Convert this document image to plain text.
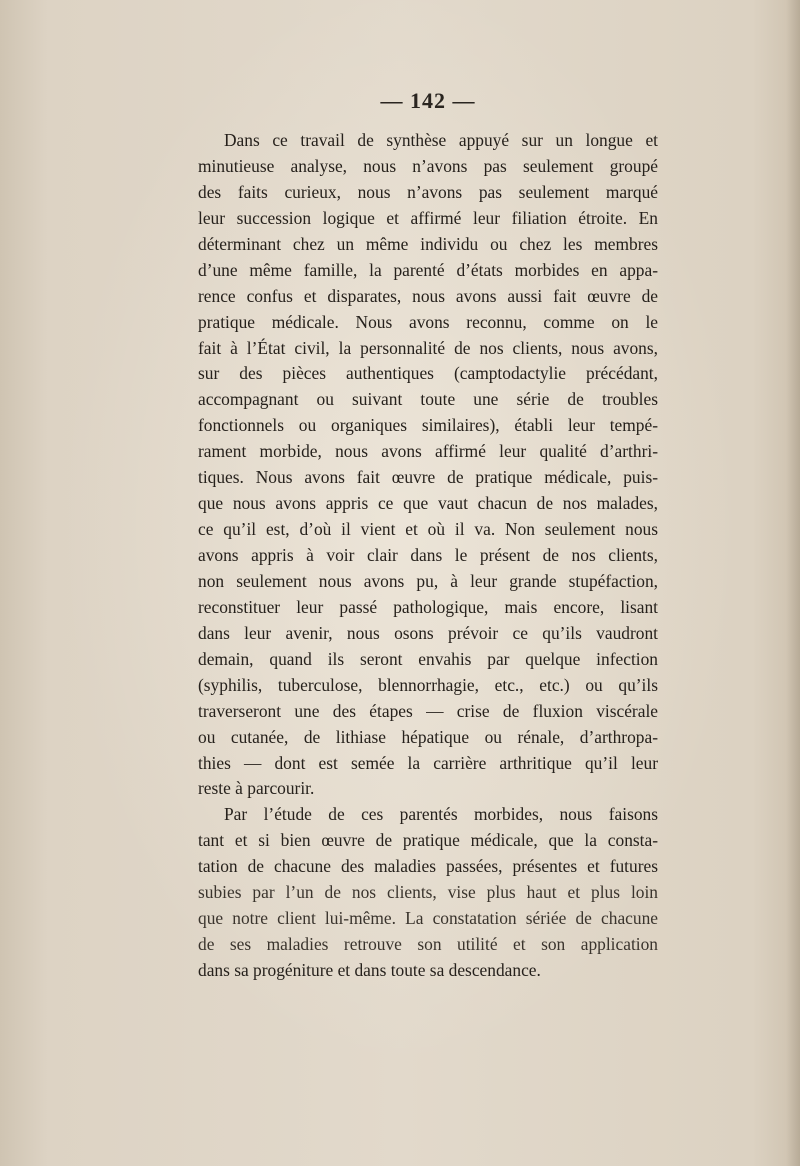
— 142 —
Dans ce travail de synthèse appuyé sur un longue et
minutieuse analyse, nous n’avons pas seulement groupé
des faits curieux, nous n’avons pas seulement marqué
leur succession logique et affirmé leur filiation étroite. En
déterminant chez un même individu ou chez les membres
d’une même famille, la parenté d’états morbides en appa-
rence confus et disparates, nous avons aussi fait œuvre de
pratique médicale. Nous avons reconnu, comme on le
fait à l’État civil, la personnalité de nos clients, nous avons,
sur des pièces authentiques (camptodactylie précédant,
accompagnant ou suivant toute une série de troubles
fonctionnels ou organiques similaires), établi leur tempé-
rament morbide, nous avons affirmé leur qualité d’arthri-
tiques. Nous avons fait œuvre de pratique médicale, puis-
que nous avons appris ce que vaut chacun de nos malades,
ce qu’il est, d’où il vient et où il va. Non seulement nous
avons appris à voir clair dans le présent de nos clients,
non seulement nous avons pu, à leur grande stupéfaction,
reconstituer leur passé pathologique, mais encore, lisant
dans leur avenir, nous osons prévoir ce qu’ils vaudront
demain, quand ils seront envahis par quelque infection
(syphilis, tuberculose, blennorrhagie, etc., etc.) ou qu’ils
traverseront une des étapes — crise de fluxion viscérale
ou cutanée, de lithiase hépatique ou rénale, d’arthropa-
thies — dont est semée la carrière arthritique qu’il leur
reste à parcourir.
Par l’étude de ces parentés morbides, nous faisons
tant et si bien œuvre de pratique médicale, que la consta-
tation de chacune des maladies passées, présentes et futures
subies par l’un de nos clients, vise plus haut et plus loin
que notre client lui-même. La constatation sériée de chacune
de ses maladies retrouve son utilité et son application
dans sa progéniture et dans toute sa descendance.
